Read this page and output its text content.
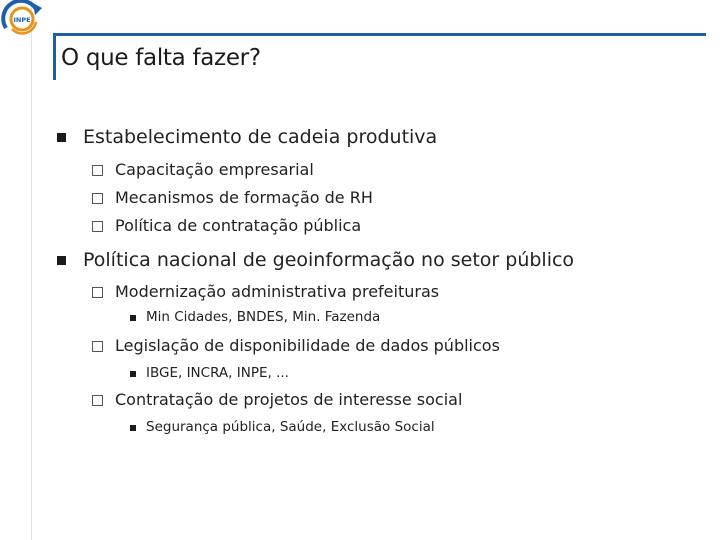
INPE
O que falta fazer?
Estabelecimento de cadeia produtiva
Capacitação empresarial
Mecanismos de formação de RH
Política de contratação pública
Política nacional de geoinformação no setor público
Modernização administrativa prefeituras
Min Cidades, BNDES, Min. Fazenda
Legislação de disponibilidade de dados públicos
IBGE, INCRA, INPE, ...
Contratação de projetos de interesse social
Segurança pública, Saúde, Exclusão Social
